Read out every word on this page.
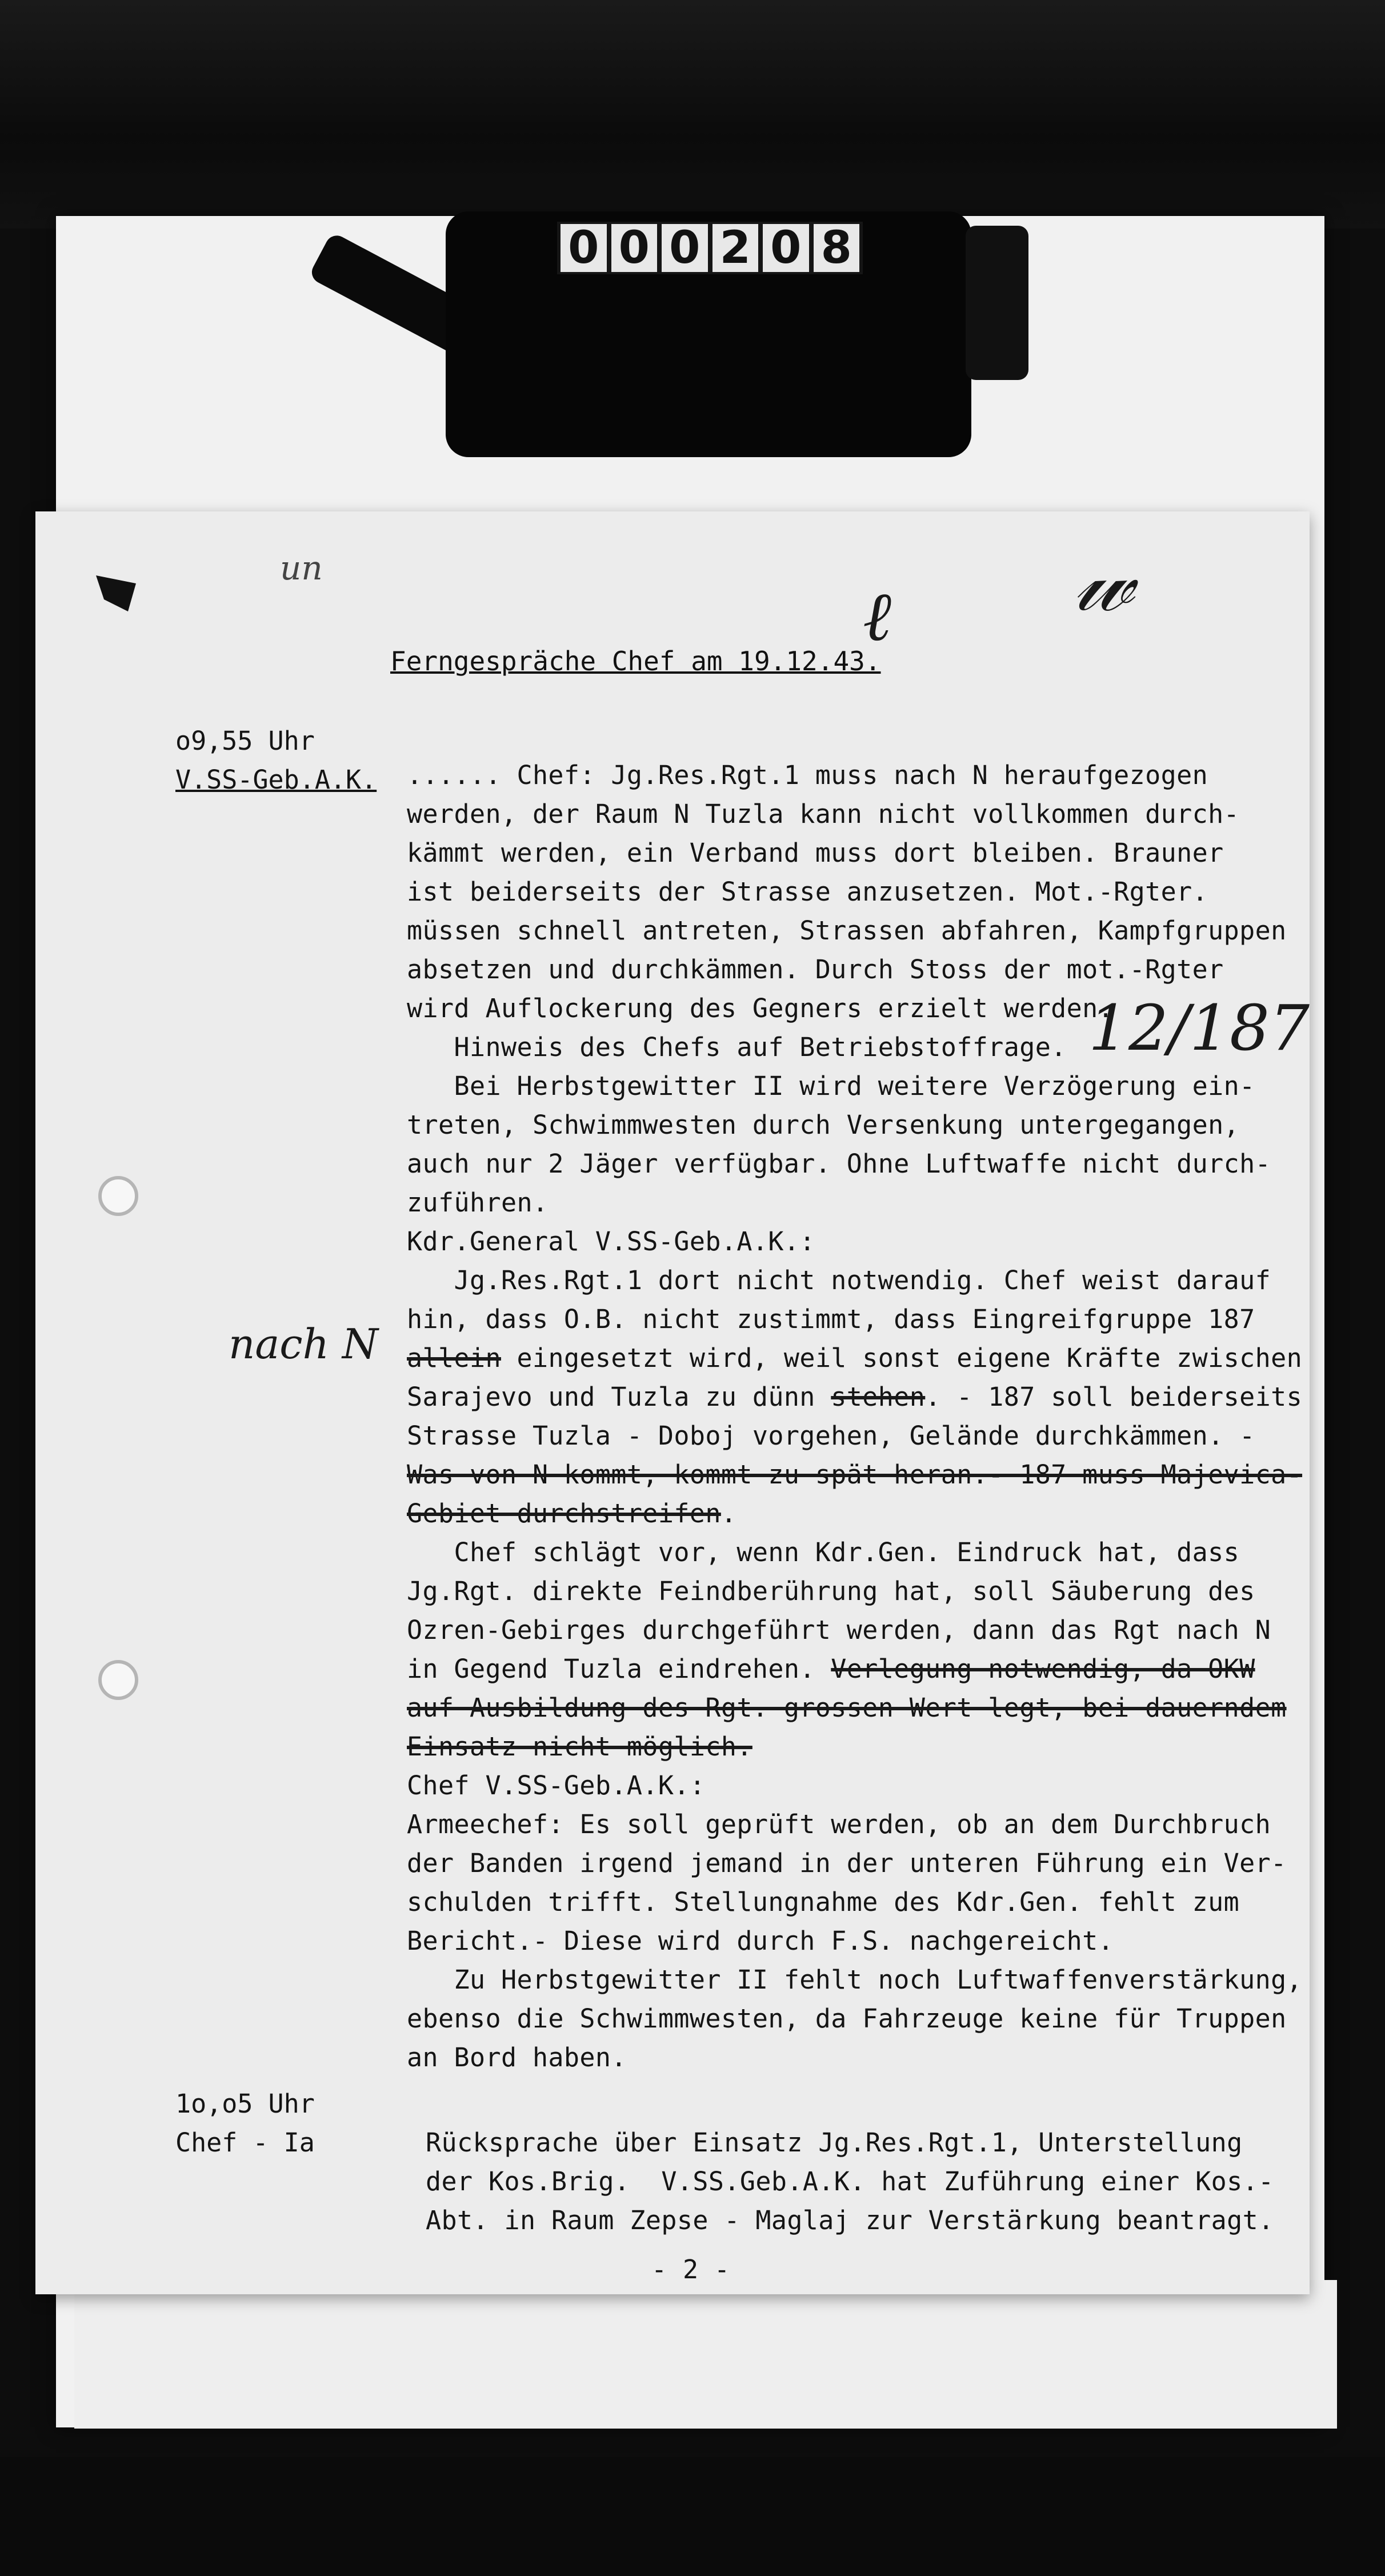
0 0 0 2 0 8
un
ℓ 𝓌
12/187
nach N
Ferngespräche Chef am 19.12.43.
o9,55 Uhr
V.SS-Geb.A.K. ...... Chef: Jg.Res.Rgt.1 muss nach N heraufgezogen
werden, der Raum N Tuzla kann nicht vollkommen durch-
kämmt werden, ein Verband muss dort bleiben. Brauner
ist beiderseits der Strasse anzusetzen. Mot.-Rgter.
müssen schnell antreten, Strassen abfahren, Kampfgruppen
absetzen und durchkämmen. Durch Stoss der mot.-Rgter
wird Auflockerung des Gegners erzielt werden.
Hinweis des Chefs auf Betriebstoffrage.
Bei Herbstgewitter II wird weitere Verzögerung ein-
treten, Schwimmwesten durch Versenkung untergegangen,
auch nur 2 Jäger verfügbar. Ohne Luftwaffe nicht durch-
zuführen.
Kdr.General V.SS-Geb.A.K.:
Jg.Res.Rgt.1 dort nicht notwendig. Chef weist darauf
hin, dass O.B. nicht zustimmt, dass Eingreifgruppe 187
allein eingesetzt wird, weil sonst eigene Kräfte zwischen
Sarajevo und Tuzla zu dünn stehen. - 187 soll beiderseits
Strasse Tuzla - Doboj vorgehen, Gelände durchkämmen. -
Was von N kommt, kommt zu spät heran.- 187 muss Majevica-
Gebiet durchstreifen.
Chef schlägt vor, wenn Kdr.Gen. Eindruck hat, dass
Jg.Rgt. direkte Feindberührung hat, soll Säuberung des
Ozren-Gebirges durchgeführt werden, dann das Rgt nach N
in Gegend Tuzla eindrehen. Verlegung notwendig, da OKW
auf Ausbildung des Rgt. grossen Wert legt, bei dauerndem
Einsatz nicht möglich.
Chef V.SS-Geb.A.K.:
Armeechef: Es soll geprüft werden, ob an dem Durchbruch
der Banden irgend jemand in der unteren Führung ein Ver-
schulden trifft. Stellungnahme des Kdr.Gen. fehlt zum
Bericht.- Diese wird durch F.S. nachgereicht.
Zu Herbstgewitter II fehlt noch Luftwaffenverstärkung,
ebenso die Schwimmwesten, da Fahrzeuge keine für Truppen
an Bord haben.
1o,o5 Uhr
Chef - Ia	Rücksprache über Einsatz Jg.Res.Rgt.1, Unterstellung
der Kos.Brig.  V.SS.Geb.A.K. hat Zuführung einer Kos.-
Abt. in Raum Zepse - Maglaj zur Verstärkung beantragt.
- 2 -
